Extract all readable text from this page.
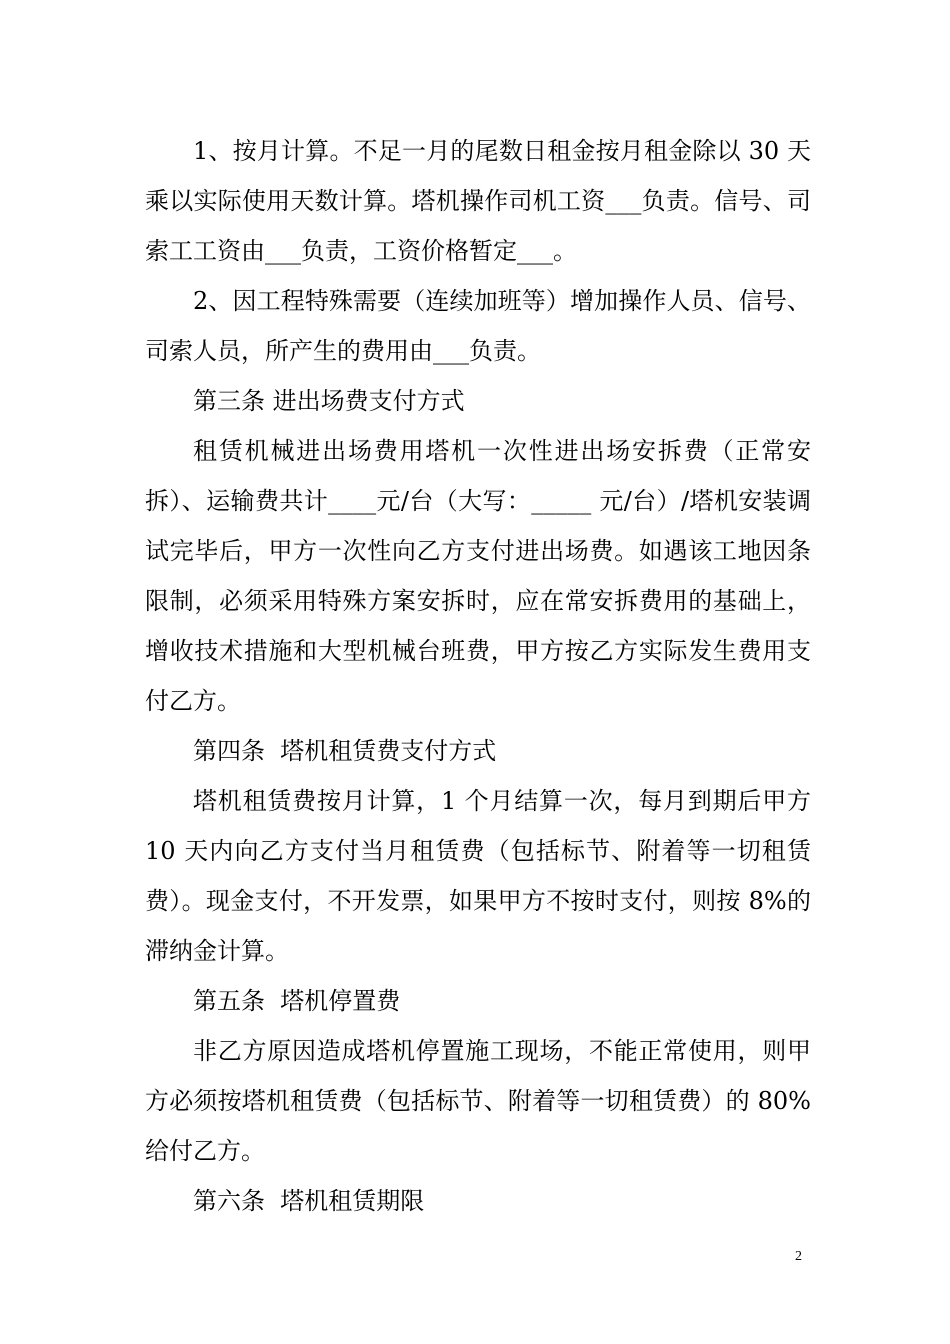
1、按月计算。不足一月的尾数日租金按月租金除以 30 天乘以实际使用天数计算。塔机操作司机工资___负责。信号、司索工工资由___负责，工资价格暂定___。

2、因工程特殊需要（连续加班等）增加操作人员、信号、司索人员，所产生的费用由___负责。

第三条 进出场费支付方式

租赁机械进出场费用塔机一次性进出场安拆费（正常安拆）、运输费共计____元/台（大写：_____ 元/台）/塔机安装调试完毕后，甲方一次性向乙方支付进出场费。如遇该工地因条限制，必须采用特殊方案安拆时，应在常安拆费用的基础上，增收技术措施和大型机械台班费，甲方按乙方实际发生费用支付乙方。

第四条  塔机租赁费支付方式

塔机租赁费按月计算，1 个月结算一次，每月到期后甲方 10 天内向乙方支付当月租赁费（包括标节、附着等一切租赁费）。现金支付，不开发票，如果甲方不按时支付，则按 8%的滞纳金计算。

第五条  塔机停置费

非乙方原因造成塔机停置施工现场，不能正常使用，则甲方必须按塔机租赁费（包括标节、附着等一切租赁费）的 80%给付乙方。

第六条  塔机租赁期限

2
